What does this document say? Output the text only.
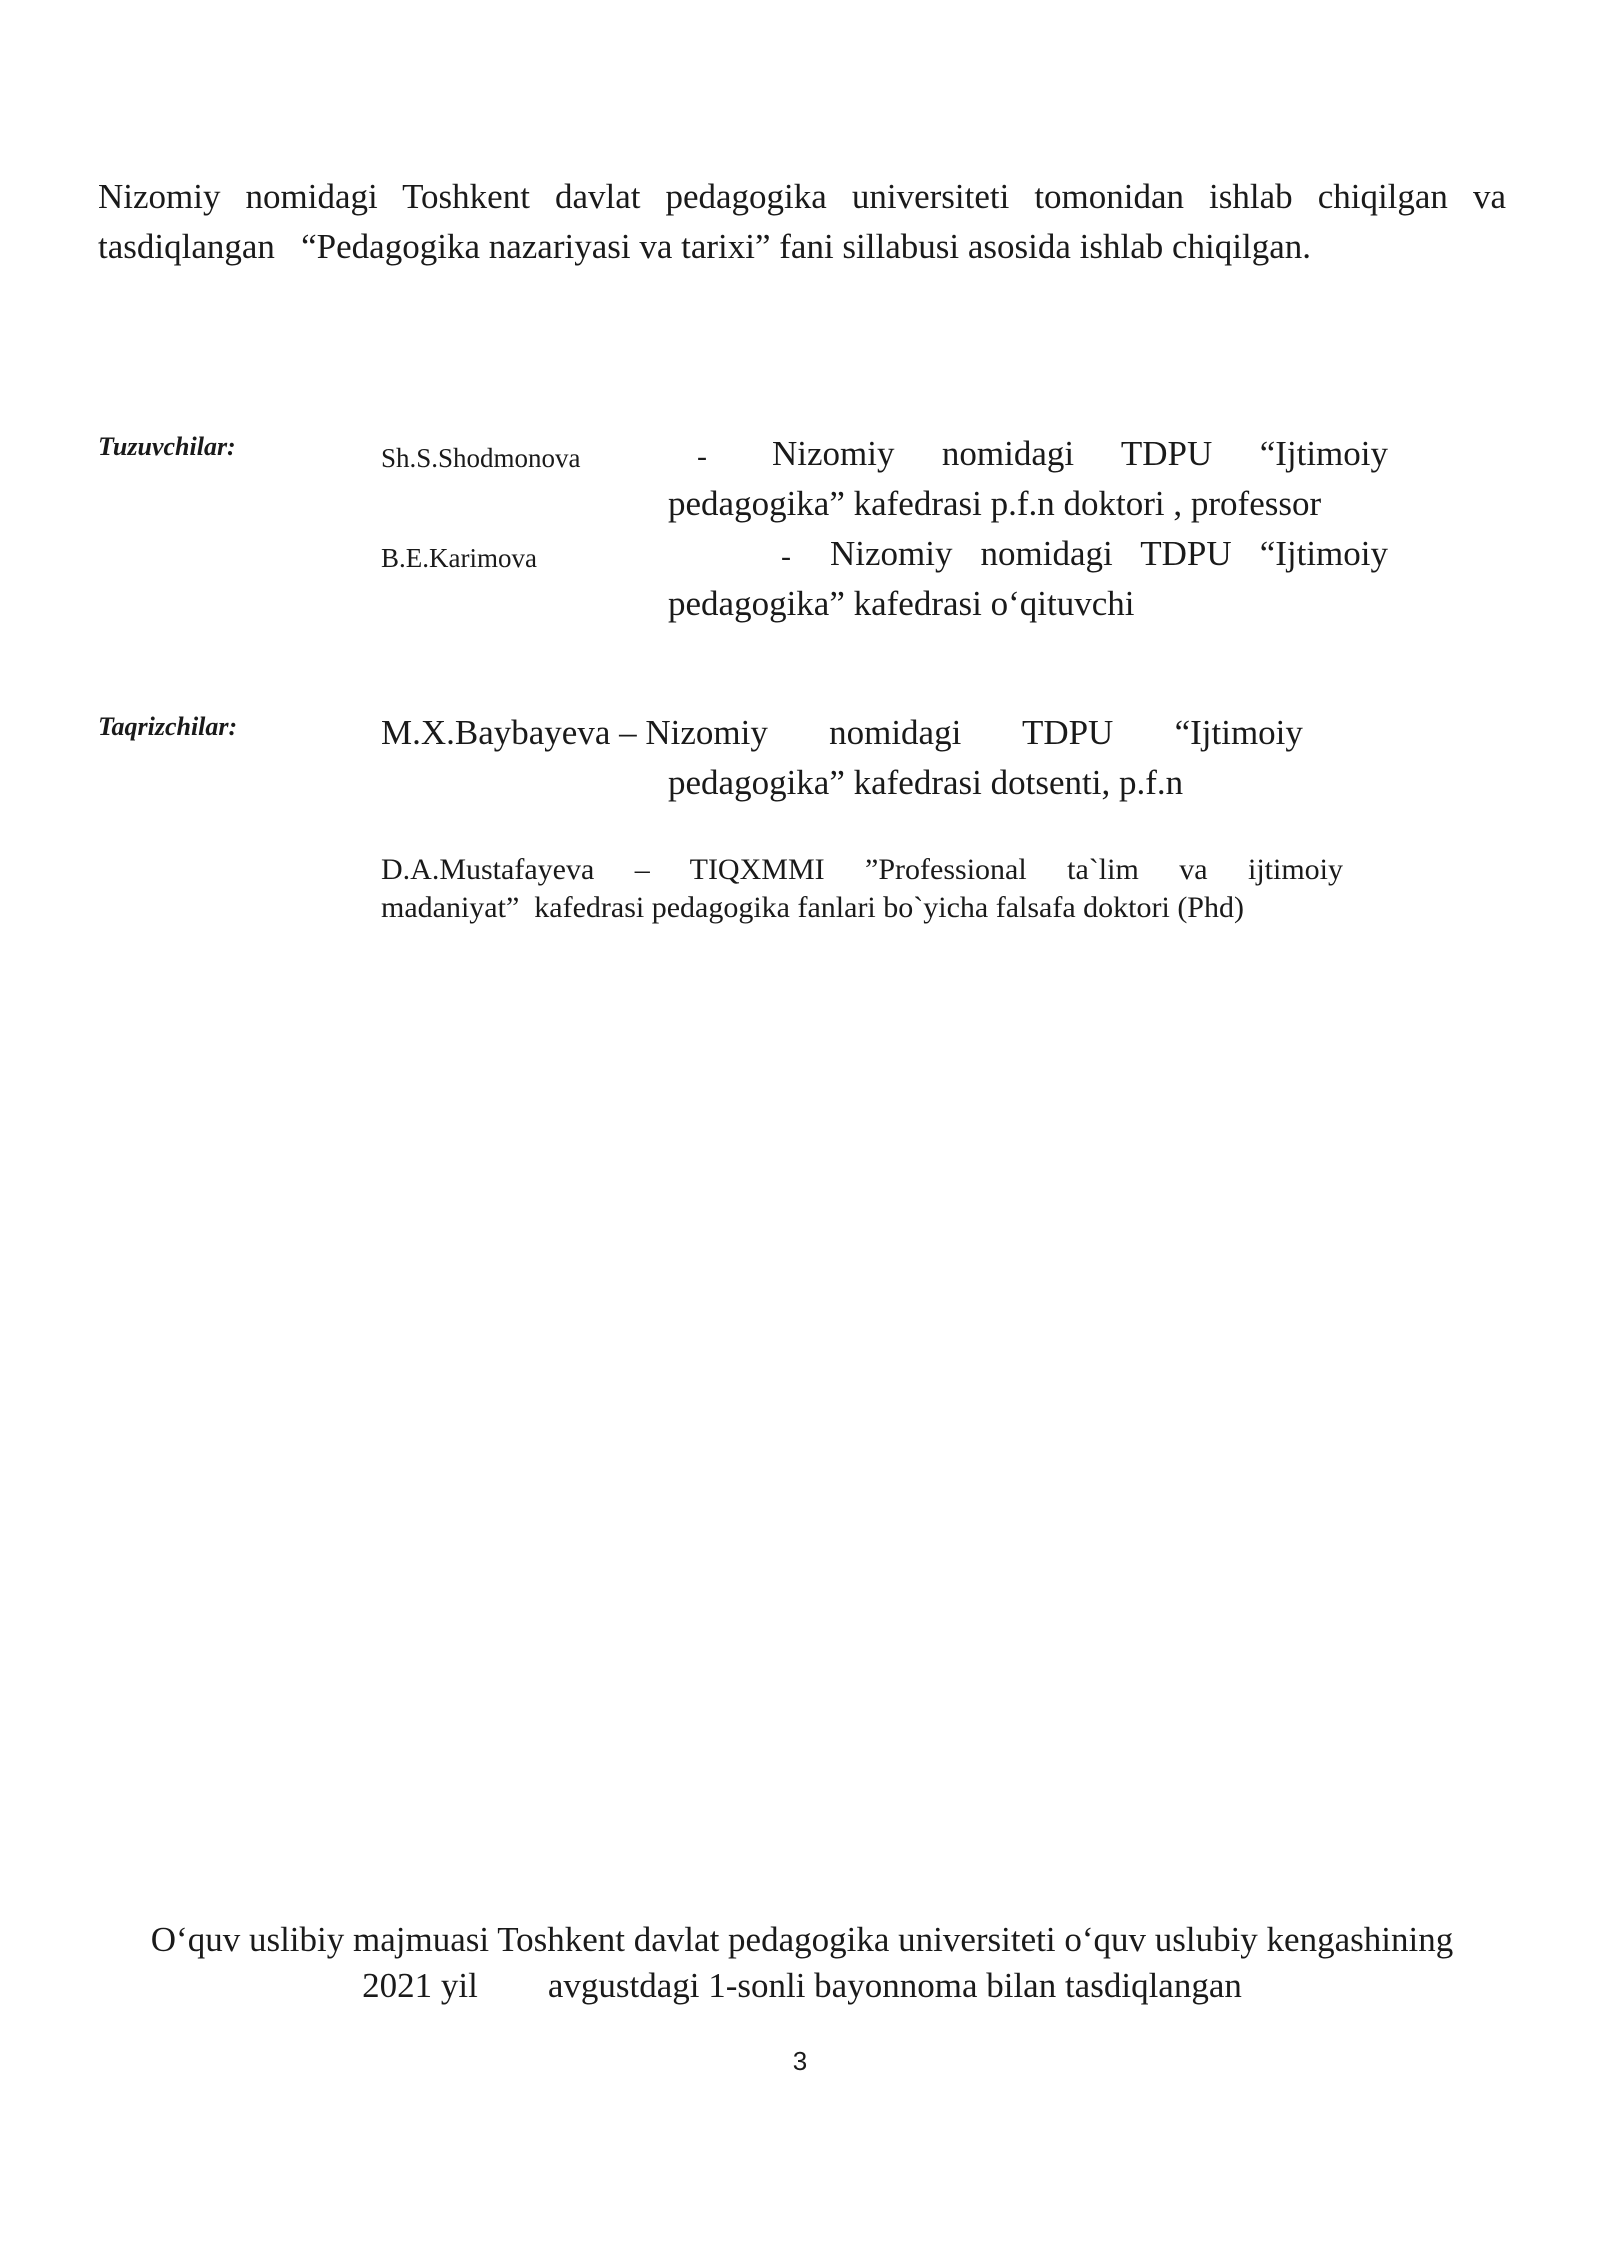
Nizomiy nomidagi Toshkent davlat pedagogika universiteti tomonidan ishlab chiqilgan va
tasdiqlangan   “Pedagogika nazariyasi va tarixi” fani sillabusi asosida ishlab chiqilgan.
Tuzuvchilar:	Sh.S.Shodmonova	- Nizomiy nomidagi TDPU “Ijtimoiy
pedagogika” kafedrasi p.f.n doktori , professor
B.E.Karimova	- Nizomiy nomidagi TDPU “Ijtimoiy
pedagogika” kafedrasi o‘qituvchi
Taqrizchilar:	M.X.Baybayeva – Nizomiy       nomidagi       TDPU       “Ijtimoiy
pedagogika” kafedrasi dotsenti, p.f.n
D.A.Mustafayeva – TIQXMMI ”Professional ta`lim va ijtimoiy
madaniyat”  kafedrasi pedagogika fanlari bo`yicha falsafa doktori (Phd)
O‘quv uslibiy majmuasi Toshkent davlat pedagogika universiteti o‘quv uslubiy kengashining
2021 yil        avgustdagi 1-sonli bayonnoma bilan tasdiqlangan
3
